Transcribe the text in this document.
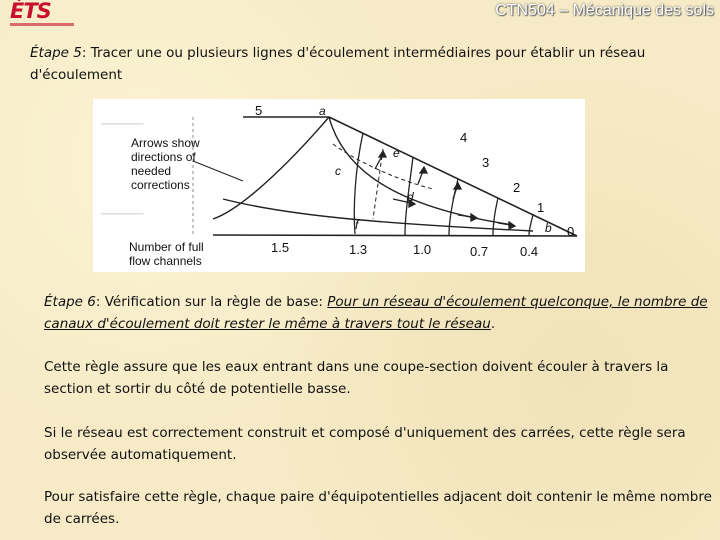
ÉTS	CTN504 – Mécanique des sols
Étape 5: Tracer une ou plusieurs lignes d'écoulement intermédiaires pour établir un réseau d'écoulement
──────
──────
Arrows show
directions of
needed
corrections
Number of full
flow channels
1.5	1.3	1.0	0.7 0.4
5
4
3
2
1
0
a
e
c
d
f	b
Étape 6: Vérification sur la règle de base: Pour un réseau d'écoulement quelconque, le nombre de canaux d'écoulement doit rester le même à travers tout le réseau.
Cette règle assure que les eaux entrant dans une coupe-section doivent écouler à travers la section et sortir du côté de potentielle basse.
Si le réseau est correctement construit et composé d'uniquement des carrées, cette règle sera observée automatiquement.
Pour satisfaire cette règle, chaque paire d'équipotentielles adjacent doit contenir le même nombre de carrées.
